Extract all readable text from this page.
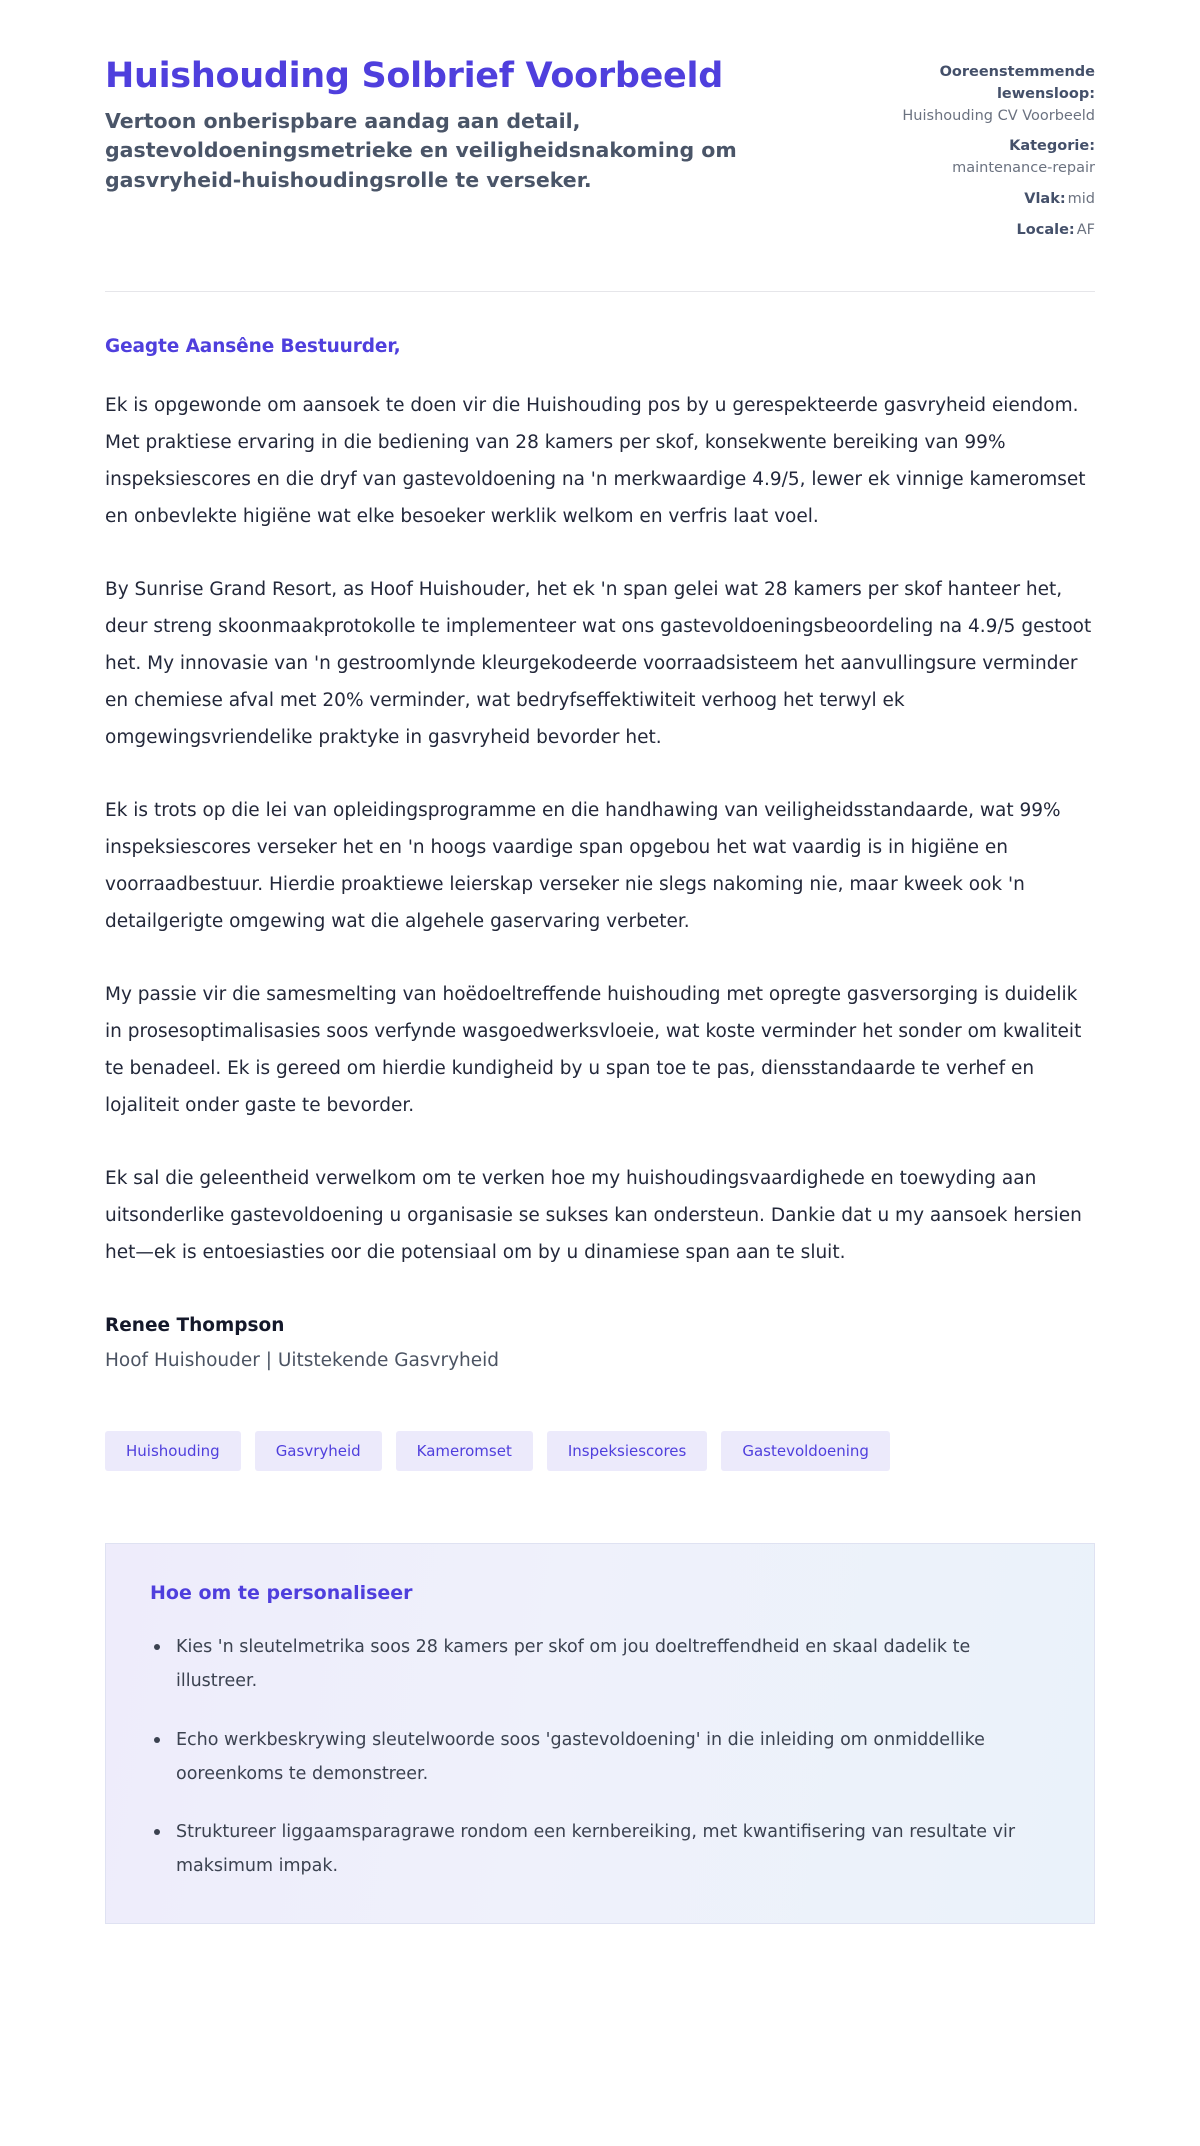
Huishouding Solbrief Voorbeeld

Vertoon onberispbare aandag aan detail, gastevoldoeningsmetrieke en veiligheidsnakoming om gasvryheid-huishoudingsrolle te verseker.

Ooreenstemmende lewensloop:
Huishouding CV Voorbeeld
Kategorie:
maintenance-repair
Vlak: mid
Locale: AF

Geagte Aansêne Bestuurder,

Ek is opgewonde om aansoek te doen vir die Huishouding pos by u gerespekteerde gasvryheid eiendom. Met praktiese ervaring in die bediening van 28 kamers per skof, konsekwente bereiking van 99% inspeksiescores en die dryf van gastevoldoening na 'n merkwaardige 4.9/5, lewer ek vinnige kameromset en onbevlekte higiëne wat elke besoeker werklik welkom en verfris laat voel.

By Sunrise Grand Resort, as Hoof Huishouder, het ek 'n span gelei wat 28 kamers per skof hanteer het, deur streng skoonmaakprotokolle te implementeer wat ons gastevoldoeningsbeoordeling na 4.9/5 gestoot het. My innovasie van 'n gestroomlynde kleurgekodeerde voorraadsisteem het aanvullingsure verminder en chemiese afval met 20% verminder, wat bedryfseffektiwiteit verhoog het terwyl ek omgewingsvriendelike praktyke in gasvryheid bevorder het.

Ek is trots op die lei van opleidingsprogramme en die handhawing van veiligheidsstandaarde, wat 99% inspeksiescores verseker het en 'n hoogs vaardige span opgebou het wat vaardig is in higiëne en voorraadbestuur. Hierdie proaktiewe leierskap verseker nie slegs nakoming nie, maar kweek ook 'n detailgerigte omgewing wat die algehele gaservaring verbeter.

My passie vir die samesmelting van hoëdoeltreffende huishouding met opregte gasversorging is duidelik in prosesoptimalisasies soos verfynde wasgoedwerksvloeie, wat koste verminder het sonder om kwaliteit te benadeel. Ek is gereed om hierdie kundigheid by u span toe te pas, diensstandaarde te verhef en lojaliteit onder gaste te bevorder.

Ek sal die geleentheid verwelkom om te verken hoe my huishoudingsvaardighede en toewyding aan uitsonderlike gastevoldoening u organisasie se sukses kan ondersteun. Dankie dat u my aansoek hersien het—ek is entoesiasties oor die potensiaal om by u dinamiese span aan te sluit.

Renee Thompson

Hoof Huishouder | Uitstekende Gasvryheid

Huishouding	Gasvryheid	Kameromset	Inspeksiescores	Gastevoldoening
Hoe om te personaliseer
Kies 'n sleutelmetrika soos 28 kamers per skof om jou doeltreffendheid en skaal dadelik te illustreer.
Echo werkbeskrywing sleutelwoorde soos 'gastevoldoening' in die inleiding om onmiddellike ooreenkoms te demonstreer.
Struktureer liggaamsparagrawe rondom een kernbereiking, met kwantifisering van resultate vir maksimum impak.
